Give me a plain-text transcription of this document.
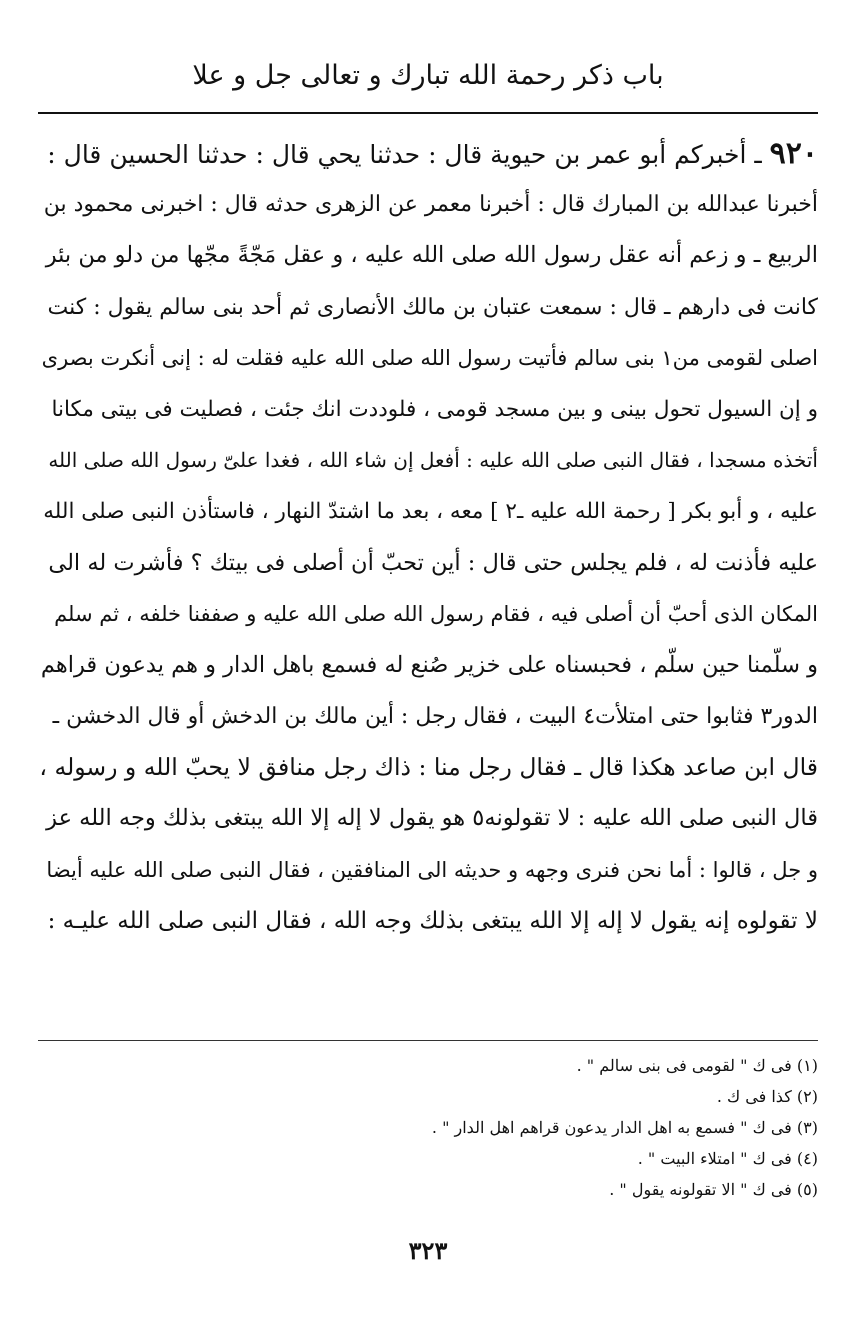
باب ذكر رحمة الله تبارك و تعالى جل و علا
٩٢٠ ـ أخبركم أبو عمر بن حيوية قال : حدثنا يحي قال : حدثنا الحسين قال :
أخبرنا عبدالله بن المبارك قال : أخبرنا معمر عن الزهرى حدثه قال : اخبرنى محمود بن
الربيع ـ و زعم أنه عقل رسول الله صلى الله عليه ، و عقل مَجّةً مجّها من دلو من بئر
كانت فى دارهم ـ قال : سمعت عتبان بن مالك الأنصارى ثم أحد بنى سالم يقول : كنت
اصلى لقومى من١ بنى سالم فأتيت رسول الله صلى الله عليه فقلت له : إنى أنكرت بصرى
و إن السيول تحول بينى و بين مسجد قومى ، فلوددت انك جئت ، فصليت فى بيتى مكانا
أتخذه مسجدا ، فقال النبى صلى الله عليه : أفعل إن شاء الله ، فغدا علىّ رسول الله صلى الله
عليه ، و أبو بكر [ رحمة الله عليه ـ٢ ] معه ، بعد ما اشتدّ النهار ، فاستأذن النبى صلى الله
عليه فأذنت له ، فلم يجلس حتى قال : أين تحبّ أن أصلى فى بيتك ؟ فأشرت له الى
المكان الذى أحبّ أن أصلى فيه ، فقام رسول الله صلى الله عليه و صففنا خلفه ، ثم سلم
و سلّمنا حين سلّم ، فحبسناه على خزير صُنع له فسمع باهل الدار و هم يدعون قراهم
الدور٣ فثابوا حتى امتلأت٤ البيت ، فقال رجل : أين مالك بن الدخش أو قال الدخشن ـ
قال ابن صاعد هكذا قال ـ فقال رجل منا : ذاك رجل منافق لا يحبّ الله و رسوله ،
قال النبى صلى الله عليه : لا تقولونه٥ هو يقول لا إله إلا الله يبتغى بذلك وجه الله عز
و جل ، قالوا : أما نحن فنرى وجهه و حديثه الى المنافقين ، فقال النبى صلى الله عليه أيضا
لا تقولوه إنه يقول لا إله إلا الله يبتغى بذلك وجه الله ، فقال النبى صلى الله عليـه :
(١) فى ك " لقومى فى بنى سالم " .
(٢) كذا فى ك .
(٣) فى ك " فسمع به اهل الدار يدعون قراهم اهل الدار " .
(٤) فى ك " امتلاء البيت " .
(٥) فى ك " الا تقولونه يقول " .
٣٢٣
